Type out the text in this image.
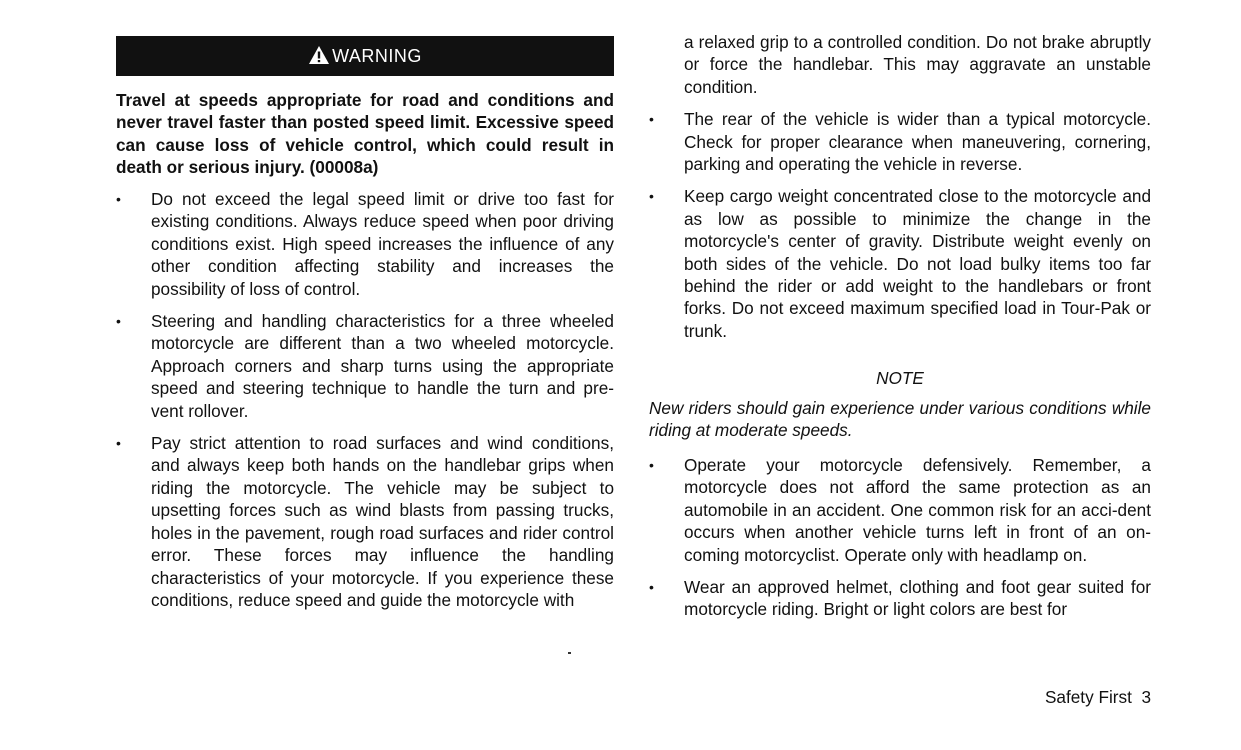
WARNING
Travel at speeds appropriate for road and conditions and never travel faster than posted speed limit. Excessive speed can cause loss of vehicle control, which could result in death or serious injury. (00008a)
• Do not exceed the legal speed limit or drive too fast for existing conditions. Always reduce speed when poor driving conditions exist. High speed increases the influence of any other condition affecting stability and increases the possibility of loss of control.
• Steering and handling characteristics for a three wheeled motorcycle are different than a two wheeled motorcycle. Approach corners and sharp turns using the appropriate speed and steering technique to handle the turn and pre-vent rollover.
• Pay strict attention to road surfaces and wind conditions, and always keep both hands on the handlebar grips when riding the motorcycle. The vehicle may be subject to upsetting forces such as wind blasts from passing trucks, holes in the pavement, rough road surfaces and rider control error. These forces may influence the handling characteristics of your motorcycle. If you experience these conditions, reduce speed and guide the motorcycle with
a relaxed grip to a controlled condition. Do not brake abruptly or force the handlebar. This may aggravate an unstable condition.
• The rear of the vehicle is wider than a typical motorcycle. Check for proper clearance when maneuvering, cornering, parking and operating the vehicle in reverse.
• Keep cargo weight concentrated close to the motorcycle and as low as possible to minimize the change in the motorcycle's center of gravity. Distribute weight evenly on both sides of the vehicle. Do not load bulky items too far behind the rider or add weight to the handlebars or front forks. Do not exceed maximum specified load in Tour-Pak or trunk.
NOTE
New riders should gain experience under various conditions while riding at moderate speeds.
• Operate your motorcycle defensively. Remember, a motorcycle does not afford the same protection as an automobile in an accident. One common risk for an acci-dent occurs when another vehicle turns left in front of an on-coming motorcyclist. Operate only with headlamp on.
• Wear an approved helmet, clothing and foot gear suited for motorcycle riding. Bright or light colors are best for
Safety First 3
